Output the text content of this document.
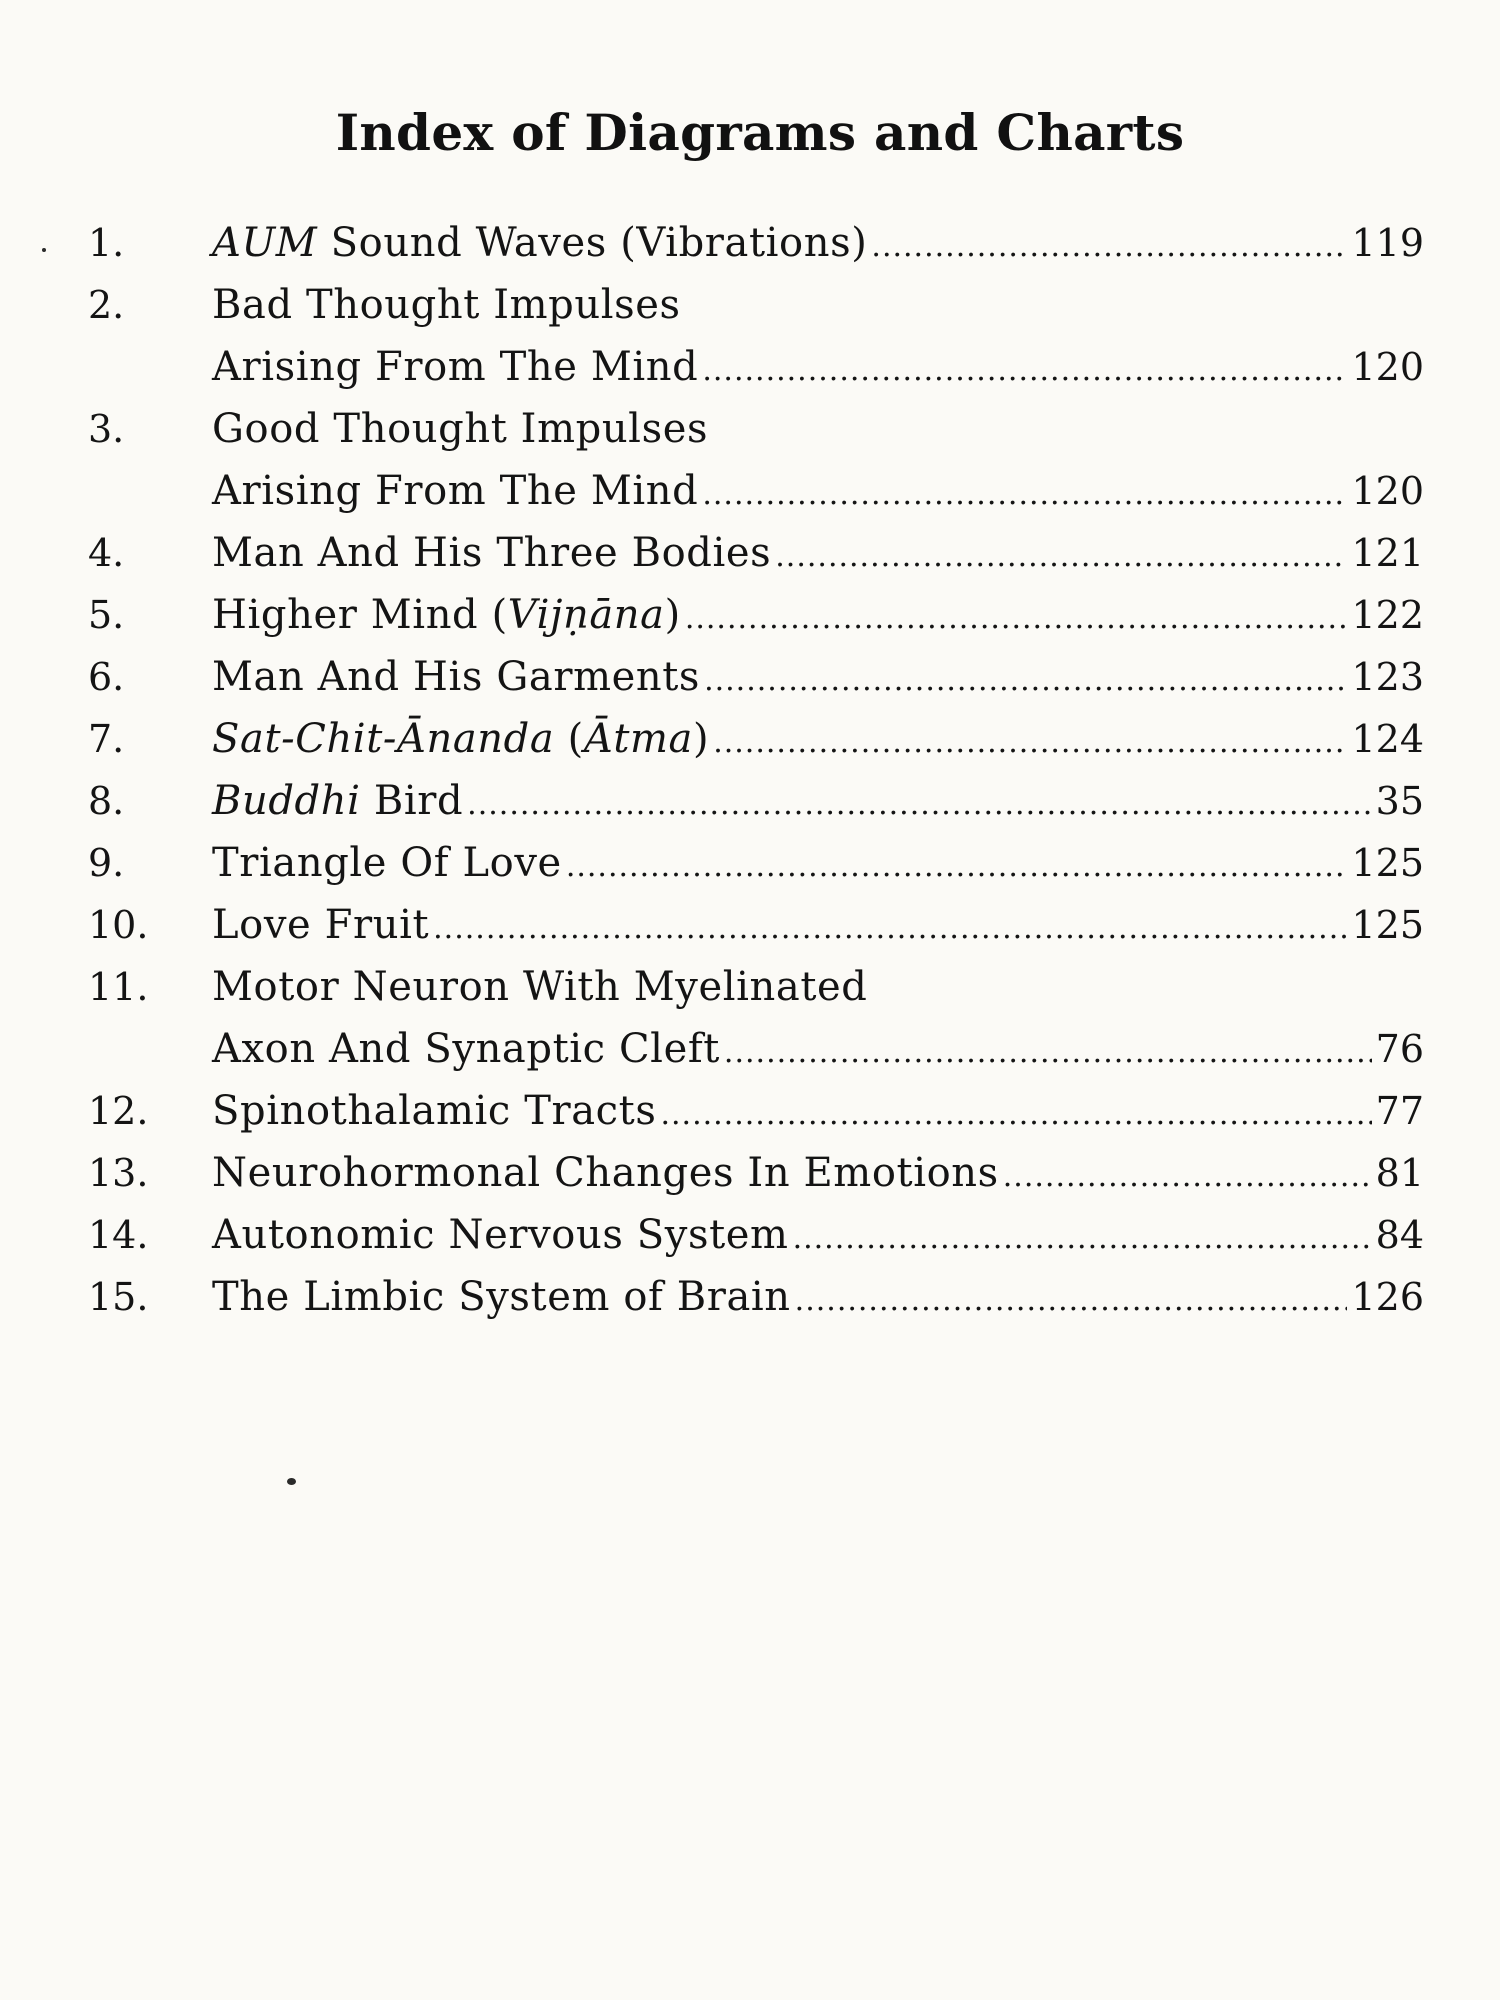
Index of Diagrams and Charts
1.	AUM Sound Waves (Vibrations) .....	119
2.	Bad Thought Impulses
Arising From The Mind .....	120
3.	Good Thought Impulses
Arising From The Mind .....	120
4.	Man And His Three Bodies .....	121
5.	Higher Mind (Vijṇāna) .....	122
6.	Man And His Garments .....	123
7.	Sat-Chit-Ānanda (Ātma) .....	124
8.	Buddhi Bird .....	35
9.	Triangle Of Love .....	125
10.	Love Fruit .....	125
11.	Motor Neuron With Myelinated
Axon And Synaptic Cleft .....	76
12.	Spinothalamic Tracts .....	77
13.	Neurohormonal Changes In Emotions .....	81
14.	Autonomic Nervous System .....	84
15.	The Limbic System of Brain .....	126
